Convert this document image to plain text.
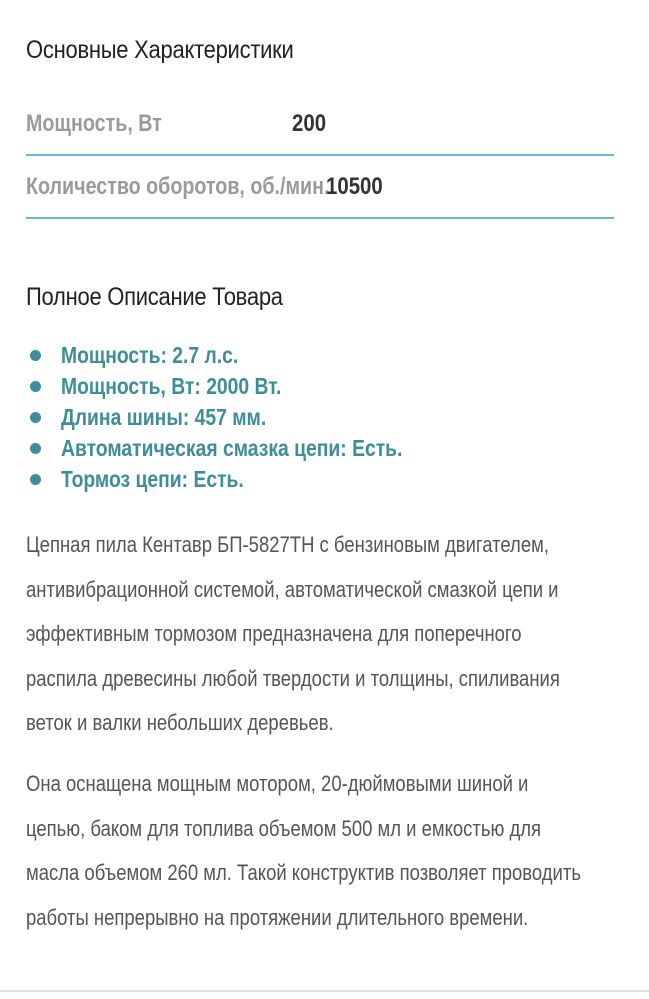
Основные Характеристики
Мощность, Вт	200
Количество оборотов, об./мин.
10500
Полное Описание Товара
Мощность: 2.7 л.с.
Мощность, Вт: 2000 Вт.
Длина шины: 457 мм.
Автоматическая смазка цепи: Есть.
Тормоз цепи: Есть.
Цепная пила Кентавр БП-5827ТН с бензиновым двигателем,
антивибрационной системой, автоматической смазкой цепи и
эффективным тормозом предназначена для поперечного
распила древесины любой твердости и толщины, спиливания
веток и валки небольших деревьев.
Она оснащена мощным мотором, 20-дюймовыми шиной и
цепью, баком для топлива объемом 500 мл и емкостью для
масла объемом 260 мл. Такой конструктив позволяет проводить
работы непрерывно на протяжении длительного времени.
